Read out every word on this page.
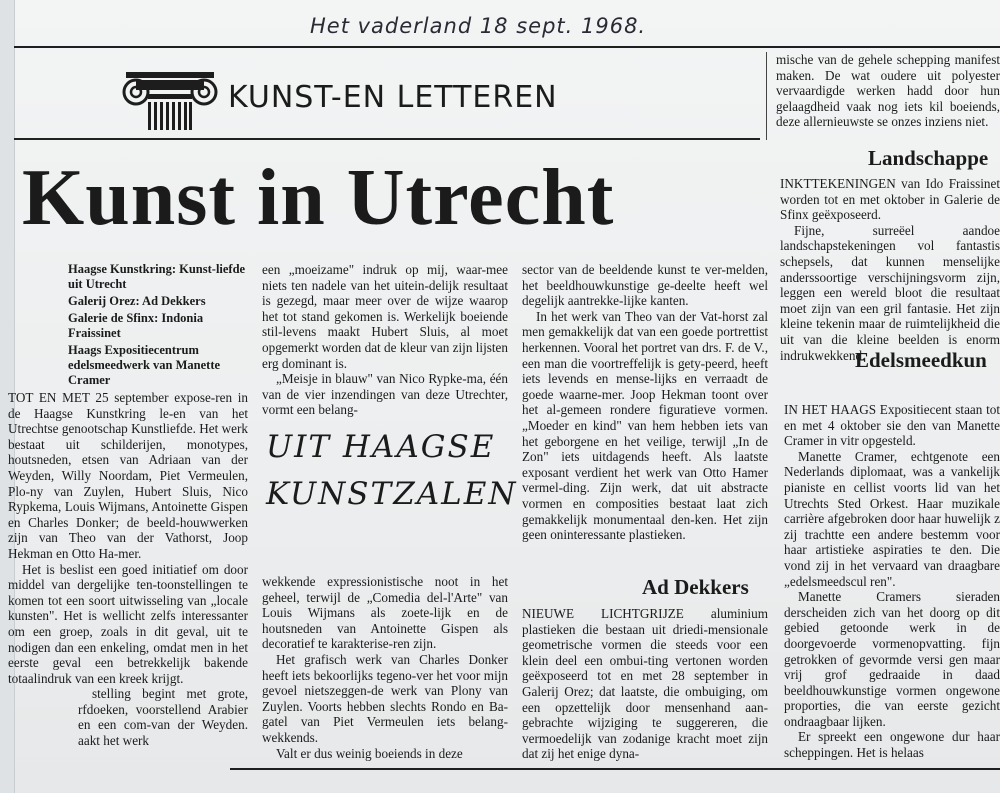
Het vaderland 18 sept. 1968.
KUNST-EN LETTEREN
Kunst in Utrecht
Haagse Kunstkring: Kunst-liefde uit Utrecht
Galerij Orez: Ad Dekkers
Galerie de Sfinx: Indonia Fraissinet
Haags Expositiecentrum edelsmeedwerk van Manette Cramer

TOT EN MET 25 september expose-ren in de Haagse Kunstkring le-en van het Utrechtse genootschap Kunstliefde. Het werk bestaat uit schilderijen, monotypes, houtsneden, etsen van Adriaan van der Weyden, Willy Noordam, Piet Vermeulen, Plo-ny van Zuylen, Hubert Sluis, Nico Rypkema, Louis Wijmans, Antoinette Gispen en Charles Donker; de beeld-houwwerken zijn van Theo van der Vathorst, Joop Hekman en Otto Ha-mer.

Het is beslist een goed initiatief om door middel van dergelijke ten-toonstellingen te komen tot een soort uitwisseling van „locale kunsten". Het is wellicht zelfs interessanter om een groep, zoals in dit geval, uit te nodigen dan een enkeling, omdat men in het eerste geval een betrekkelijk bakende totaalindruk van een kreek krijgt.

stelling begint met grote, rfdoeken, voorstellend Arabier en een com-van der Weyden. aakt het werk

een „moeizame" indruk op mij, waar-mee niets ten nadele van het uitein-delijk resultaat is gezegd, maar meer over de wijze waarop het tot stand gekomen is. Werkelijk boeiende stil-levens maakt Hubert Sluis, al moet opgemerkt worden dat de kleur van zijn lijsten erg dominant is.

„Meisje in blauw" van Nico Rypke-ma, één van de vier inzendingen van deze Utrechter, vormt een belang-

UIT HAAGSE KUNSTZALEN

wekkende expressionistische noot in het geheel, terwijl de „Comedia del-l'Arte" van Louis Wijmans als zoete-lijk en de houtsneden van Antoinette Gispen als decoratief te karakterise-ren zijn.

Het grafisch werk van Charles Donker heeft iets bekoorlijks tegeno-ver het voor mijn gevoel nietszeggen-de werk van Plony van Zuylen. Voorts hebben slechts Rondo en Ba-gatel van Piet Vermeulen iets belang-wekkends.

Valt er dus weinig boeiends in deze

sector van de beeldende kunst te ver-melden, het beeldhouwkunstige ge-deelte heeft wel degelijk aantrekke-lijke kanten.

In het werk van Theo van der Vat-horst zal men gemakkelijk dat van een goede portrettist herkennen. Vooral het portret van drs. F. de V., een man die voortreffelijk is gety-peerd, heeft iets levends en mense-lijks en verraadt de goede waarne-mer. Joop Hekman toont over het al-gemeen rondere figuratieve vormen. „Moeder en kind" van hem hebben iets van het geborgene en het veilige, terwijl „In de Zon" iets uitdagends heeft. Als laatste exposant verdient het werk van Otto Hamer vermel-ding. Zijn werk, dat uit abstracte vormen en composities bestaat laat zich gemakkelijk monumentaal den-ken. Het zijn geen oninteressante plastieken.

Ad Dekkers

NIEUWE LICHTGRIJZE aluminium plastieken die bestaan uit driedi-mensionale geometrische vormen die steeds voor een klein deel een ombui-ting vertonen worden geëxposeerd tot en met 28 september in Galerij Orez; dat laatste, die ombuiging, om een opzettelijk door mensenhand aan-gebrachte wijziging te suggereren, die vermoedelijk van zodanige kracht moet zijn dat zij het enige dyna-

mische van de gehele schepping manifest maken. De wat oudere uit polyester vervaardigde werken hadd door hun gelaagdheid vaak nog iets kil boeiends, deze allernieuwste se onzes inziens niet.

Landschappe

INKTTEKENINGEN van Ido Fraissinet worden tot en met oktober in Galerie de Sfinx geëxposeerd.

Fijne, surreëel aandoe landschapstekeningen vol fantastis schepsels, dat kunnen menselijke anderssoortige verschijningsvorm zijn, leggen een wereld bloot die resultaat moet zijn van een gril fantasie. Het zijn kleine tekenin maar de ruimtelijkheid die uit van die kleine beelden is enorm indrukwekkend.

Edelsmeedkun

IN HET HAAGS Expositiecent staan tot en met 4 oktober sie den van Manette Cramer in vitr opgesteld.

Manette Cramer, echtgenote een Nederlands diplomaat, was a vankelijk pianiste en cellist voorts lid van het Utrechts Sted Orkest. Haar muzikale carrière afgebroken door haar huwelijk z zij trachtte een andere bestemm voor haar artistieke aspiraties te den. Die vond zij in het vervaard van draagbare „edelsmeedscul ren".

Manette Cramers sieraden derscheiden zich van het doorg op dit gebied getoonde werk in de doorgevoerde vormenopvatting. fijn getrokken of gevormde versi gen maar vrij grof gedraaide in daad beeldhouwkunstige vormen ongewone proporties, die van eerste gezicht ondraagbaar lijken.

Er spreekt een ongewone dur haar scheppingen. Het is helaas
